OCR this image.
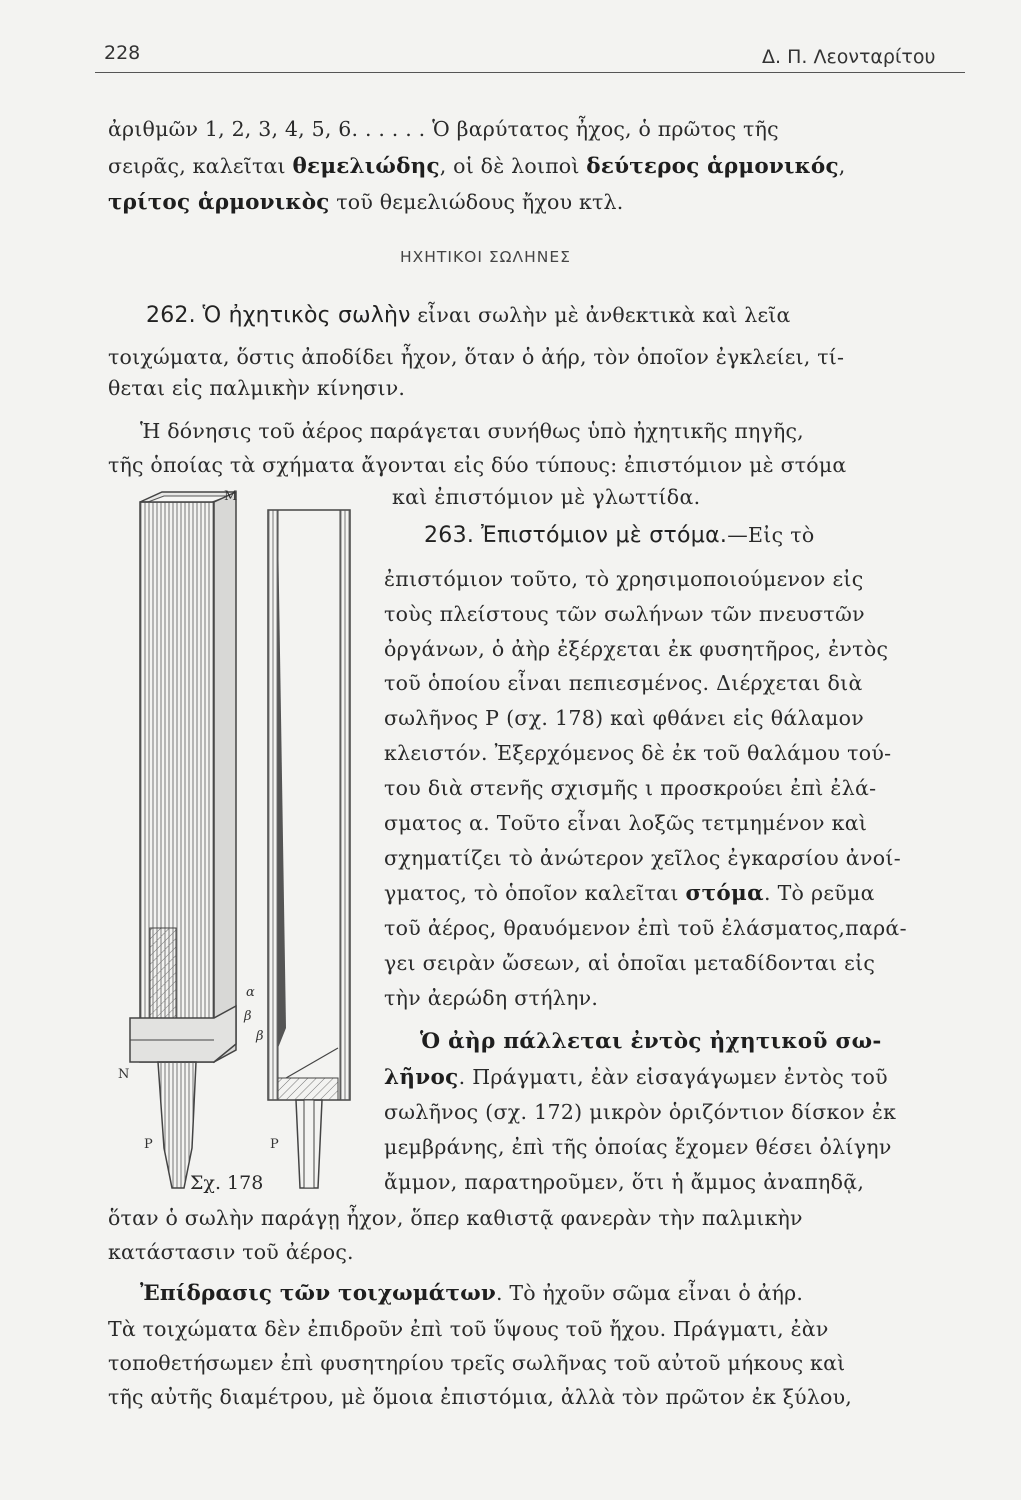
228	Δ. Π. Λεονταρίτου
ἀριθμῶν 1, 2, 3, 4, 5, 6. . . . . . Ὁ βαρύτατος ἦχος, ὁ πρῶτος τῆς
σειρᾶς, καλεῖται θεμελιώδης, οἱ δὲ λοιποὶ δεύτερος ἁρμονικός,
τρίτος ἁρμονικὸς τοῦ θεμελιώδους ἤχου κτλ.
ΗΧΗΤΙΚΟΙ ΣΩΛΗΝΕΣ
262. Ὁ ἠχητικὸς σωλὴν εἶναι σωλὴν μὲ ἀνθεκτικὰ καὶ λεῖα
τοιχώματα, ὅστις ἀποδίδει ἦχον, ὅταν ὁ ἀήρ, τὸν ὁποῖον ἐγκλείει, τί-
θεται εἰς παλμικὴν κίνησιν.
Ἡ δόνησις τοῦ ἀέρος παράγεται συνήθως ὑπὸ ἠχητικῆς πηγῆς,
τῆς ὁποίας τὰ σχήματα ἄγονται εἰς δύο τύπους: ἐπιστόμιον μὲ στόμα
καὶ ἐπιστόμιον μὲ γλωττίδα.
263. Ἐπιστόμιον μὲ στόμα.—Εἰς τὸ
ἐπιστόμιον τοῦτο, τὸ χρησιμοποιούμενον εἰς
τοὺς πλείστους τῶν σωλήνων τῶν πνευστῶν
ὀργάνων, ὁ ἀὴρ ἐξέρχεται ἐκ φυσητῆρος, ἐντὸς
τοῦ ὁποίου εἶναι πεπιεσμένος. Διέρχεται διὰ
σωλῆνος P (σχ. 178) καὶ φθάνει εἰς θάλαμον
κλειστόν. Ἐξερχόμενος δὲ ἐκ τοῦ θαλάμου τού-
του διὰ στενῆς σχισμῆς ι προσκρούει ἐπὶ ἐλά-
σματος α. Τοῦτο εἶναι λοξῶς τετμημένον καὶ
σχηματίζει τὸ ἀνώτερον χεῖλος ἐγκαρσίου ἀνοί-
γματος, τὸ ὁποῖον καλεῖται στόμα. Τὸ ρεῦμα
τοῦ ἀέρος, θραυόμενον ἐπὶ τοῦ ἐλάσματος,παρά-
γει σειρὰν ὤσεων, αἱ ὁποῖαι μεταδίδονται εἰς
τὴν ἀερώδη στήλην.
Ὁ ἀὴρ πάλλεται ἐντὸς ἠχητικοῦ σω-
λῆνος. Πράγματι, ἐὰν εἰσαγάγωμεν ἐντὸς τοῦ
σωλῆνος (σχ. 172) μικρὸν ὁριζόντιον δίσκον ἐκ
μεμβράνης, ἐπὶ τῆς ὁποίας ἔχομεν θέσει ὀλίγην
ἄμμον, παρατηροῦμεν, ὅτι ἡ ἄμμος ἀναπηδᾷ,
ὅταν ὁ σωλὴν παράγῃ ἦχον, ὅπερ καθιστᾷ φανερὰν τὴν παλμικὴν
κατάστασιν τοῦ ἀέρος.
Ἐπίδρασις τῶν τοιχωμάτων. Τὸ ἠχοῦν σῶμα εἶναι ὁ ἀήρ.
Τὰ τοιχώματα δὲν ἐπιδροῦν ἐπὶ τοῦ ὕψους τοῦ ἤχου. Πράγματι, ἐὰν
τοποθετήσωμεν ἐπὶ φυσητηρίου τρεῖς σωλῆνας τοῦ αὐτοῦ μήκους καὶ
τῆς αὐτῆς διαμέτρου, μὲ ὅμοια ἐπιστόμια, ἀλλὰ τὸν πρῶτον ἐκ ξύλου,
M
N
P	P
α
β
β
Σχ. 178
